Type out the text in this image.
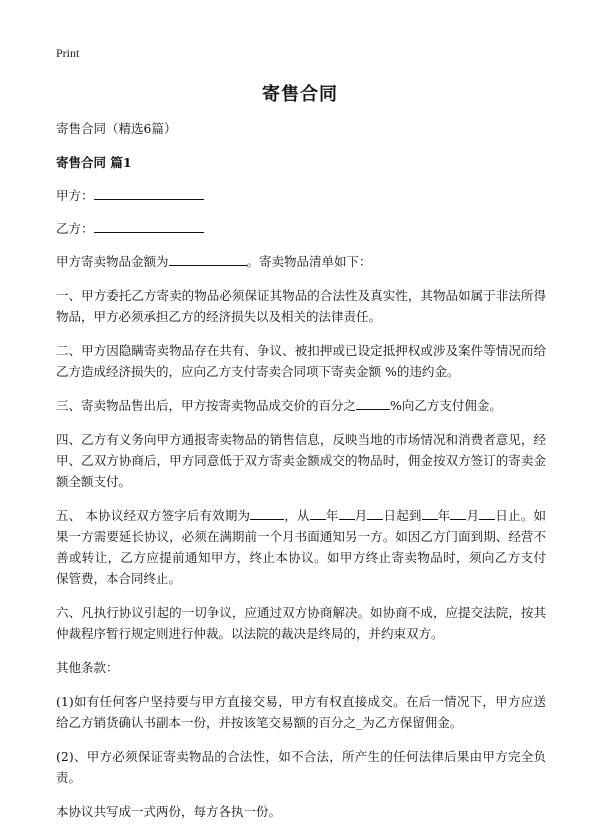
Print
寄售合同

寄售合同（精选6篇）

寄售合同 篇1

甲方：

乙方：

甲方寄卖物品金额为	。寄卖物品清单如下：

一、甲方委托乙方寄卖的物品必须保证其物品的合法性及真实性，其物品如属于非法所得物品，甲方必须承担乙方的经济损失以及相关的法律责任。

二、甲方因隐瞒寄卖物品存在共有、争议、被扣押或已设定抵押权或涉及案件等情况而给乙方造成经济损失的，应向乙方支付寄卖合同项下寄卖金额 %的违约金。

三、寄卖物品售出后，甲方按寄卖物品成交价的百分之	%向乙方支付佣金。

四、乙方有义务向甲方通报寄卖物品的销售信息，反映当地的市场情况和消费者意见，经甲、乙双方协商后，甲方同意低于双方寄卖金额成交的物品时，佣金按双方签订的寄卖金额全额支付。

五、 本协议经双方签字后有效期为	，从 年 月 日起到 年 月 日止。如果一方需要延长协议，必须在满期前一个月书面通知另一方。如因乙方门面到期、经营不善或转让，乙方应提前通知甲方，终止本协议。如甲方终止寄卖物品时，须向乙方支付 保管费，本合同终止。

六、凡执行协议引起的一切争议，应通过双方协商解决。如协商不成，应提交法院，按其仲裁程序暂行规定则进行仲裁。以法院的裁决是终局的，并约束双方。

其他条款：

(1)如有任何客户坚持要与甲方直接交易，甲方有权直接成交。在后一情况下，甲方应送给乙方销货确认书副本一份，并按该笔交易额的百分之_为乙方保留佣金。

(2)、甲方必须保证寄卖物品的合法性，如不合法，所产生的任何法律后果由甲方完全负责。

本协议共写成一式两份，每方各执一份。
